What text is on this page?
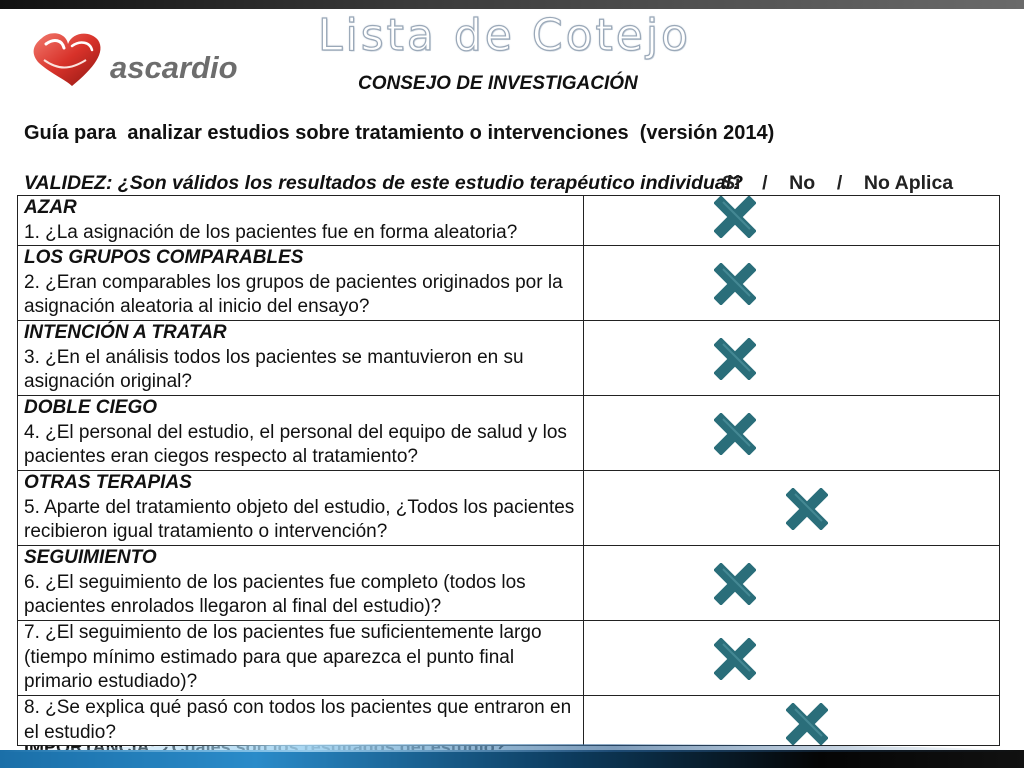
ascardio
Lista de Cotejo
CONSEJO DE INVESTIGACIÓN
Guía para  analizar estudios sobre tratamiento o intervenciones  (versión 2014)
VALIDEZ: ¿Son válidos los resultados de este estudio terapéutico individual?
Si    /    No    /    No Aplica
AZAR
1. ¿La asignación de los pacientes fue en forma aleatoria?

LOS GRUPOS COMPARABLES
2. ¿Eran comparables los grupos de pacientes originados por la asignación aleatoria al inicio del ensayo?

INTENCIÓN A TRATAR
3. ¿En el análisis todos los pacientes se mantuvieron en su asignación original?

DOBLE CIEGO
4. ¿El personal del estudio, el personal del equipo de salud y los pacientes eran ciegos respecto al tratamiento?

OTRAS TERAPIAS
5. Aparte del tratamiento objeto del estudio, ¿Todos los pacientes recibieron igual tratamiento o intervención?

SEGUIMIENTO
6. ¿El seguimiento de los pacientes fue completo (todos los pacientes enrolados llegaron al final del estudio)?

7. ¿El seguimiento de los pacientes fue suficientemente largo (tiempo mínimo estimado para que aparezca el punto final primario estudiado)?

8. ¿Se explica qué pasó con todos los pacientes que entraron en el estudio?
